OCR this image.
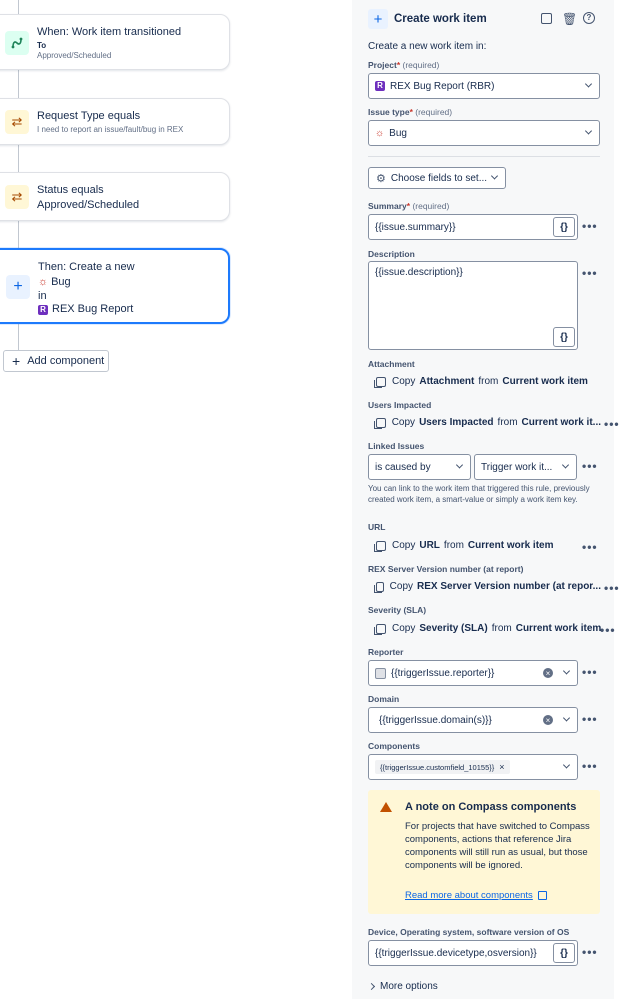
When: Work item transitioned
To
Approved/Scheduled
⇄	Request Type equals
I need to report an issue/fault/bug in REX
⇄	Status equals
Approved/Scheduled
+
Then: Create a new
☼ Bug
in
R REX Bug Report
+ Add component
+	Create work item	🗑︎	?
Create a new work item in:
Project* (required)
R REX Bug Report (RBR)
Issue type* (required)
☼ Bug
⚙ Choose fields to set...
Summary* (required)
{{issue.summary}}	{}	•••
Description
{{issue.description}}
{}
•••
Attachment
Copy Attachment from Current work item
Users Impacted
Copy Users Impacted from Current work it... •••
Linked Issues
is caused by	Trigger work it... •••
You can link to the work item that triggered this rule, previously created work item, a smart-value or simply a work item key.
URL
Copy URL from Current work item •••
REX Server Version number (at report)
Copy REX Server Version number (at repor... •••
Severity (SLA)
Copy Severity (SLA) from Current work item
•••
Reporter
{{triggerIssue.reporter}}	×	•••
Domain
{{triggerIssue.domain(s)}}	×	•••
Components
{{triggerIssue.customfield_10155}} ×	•••
A note on Compass components
For projects that have switched to Compass components, actions that reference Jira components will still run as usual, but those components will be ignored.
Read more about components
Device, Operating system, software version of OS
{{triggerIssue.devicetype,osversion}}	{}	•••
More options
